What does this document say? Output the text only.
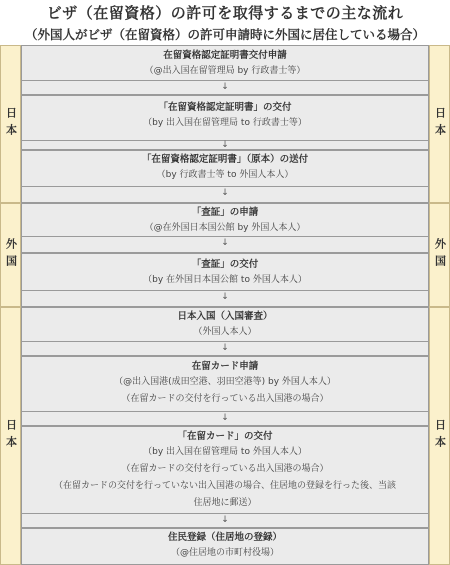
ビザ（在留資格）の許可を取得するまでの主な流れ
（外国人がビザ（在留資格）の許可申請時に外国に居住している場合）
日本	日本
外国	外国
日本	日本
在留資格認定証明書交付申請
（@出入国在留管理局 by 行政書士等）
↓
「在留資格認定証明書」の交付
（by 出入国在留管理局 to 行政書士等）
↓
「在留資格認定証明書」（原本）の送付
（by 行政書士等 to 外国人本人）
↓
「査証」の申請
（@在外国日本国公館 by 外国人本人）
↓
「査証」の交付
（by 在外国日本国公館 to 外国人本人）
↓
日本入国（入国審査）
（外国人本人）
↓
在留カード申請
（@出入国港(成田空港、羽田空港等) by 外国人本人）
（在留カードの交付を行っている出入国港の場合）
↓
「在留カード」の交付
（by 出入国在留管理局 to 外国人本人）
（在留カードの交付を行っている出入国港の場合）
（在留カードの交付を行っていない出入国港の場合、住居地の登録を行った後、当該
住居地に郵送）
↓
住民登録（住居地の登録）
（@住居地の市町村役場）
